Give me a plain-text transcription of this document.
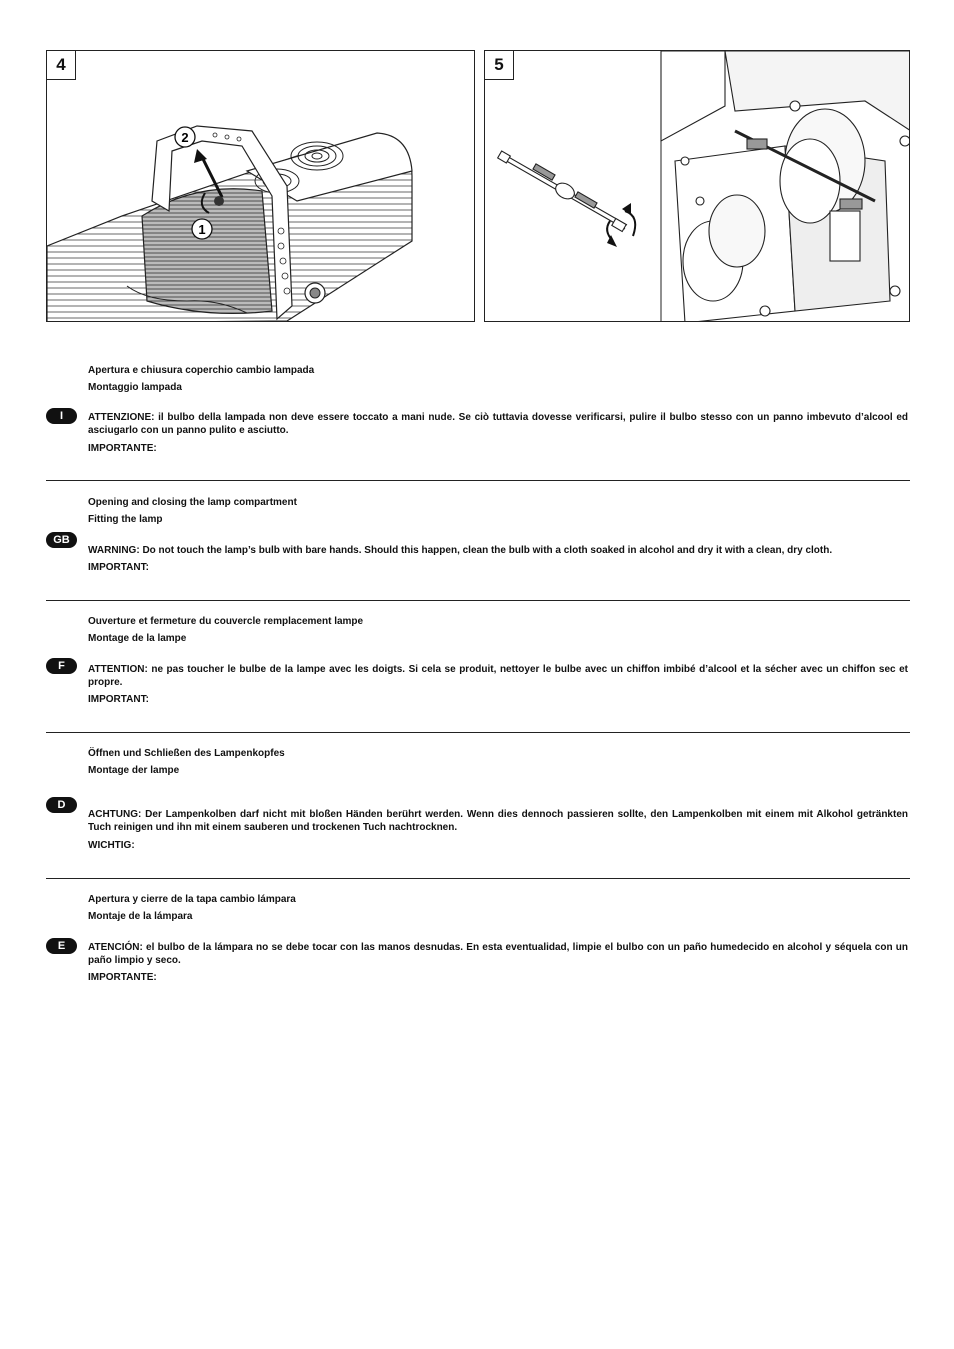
4
2
1
5

Apertura e chiusura coperchio cambio lampada

Montaggio lampada

I	ATTENZIONE: il bulbo della lampada non deve essere toccato a mani nude. Se ciò tuttavia dovesse verificarsi, pulire il bulbo stesso con un panno imbevuto d’alcool ed asciugarlo con un panno pulito e asciutto.

IMPORTANTE:

Opening and closing the lamp compartment

Fitting the lamp

GB

WARNING: Do not touch the lamp’s bulb with bare hands. Should this happen, clean the bulb with a cloth soaked in alcohol and dry it with a clean, dry cloth.

IMPORTANT:

Ouverture et fermeture du couvercle remplacement lampe

Montage de la lampe

F	ATTENTION: ne pas toucher le bulbe de la lampe avec les doigts. Si cela se produit, nettoyer le bulbe avec un chiffon imbibé d’alcool et la sécher avec un chiffon sec et propre.

IMPORTANT:

Öffnen und Schließen des Lampenkopfes

Montage der lampe

D

ACHTUNG: Der Lampenkolben darf nicht mit bloßen Händen berührt werden. Wenn dies dennoch passieren sollte, den Lampenkolben mit einem mit Alkohol getränkten Tuch reinigen und ihn mit einem sauberen und trockenen Tuch nachtrocknen.

WICHTIG:

Apertura y cierre de la tapa cambio lámpara

Montaje de la lámpara

E	ATENCIÓN: el bulbo de la lámpara no se debe tocar con las manos desnudas. En esta eventualidad, limpie el bulbo con un paño humedecido en alcohol y séquela con un paño limpio y seco.

IMPORTANTE:
